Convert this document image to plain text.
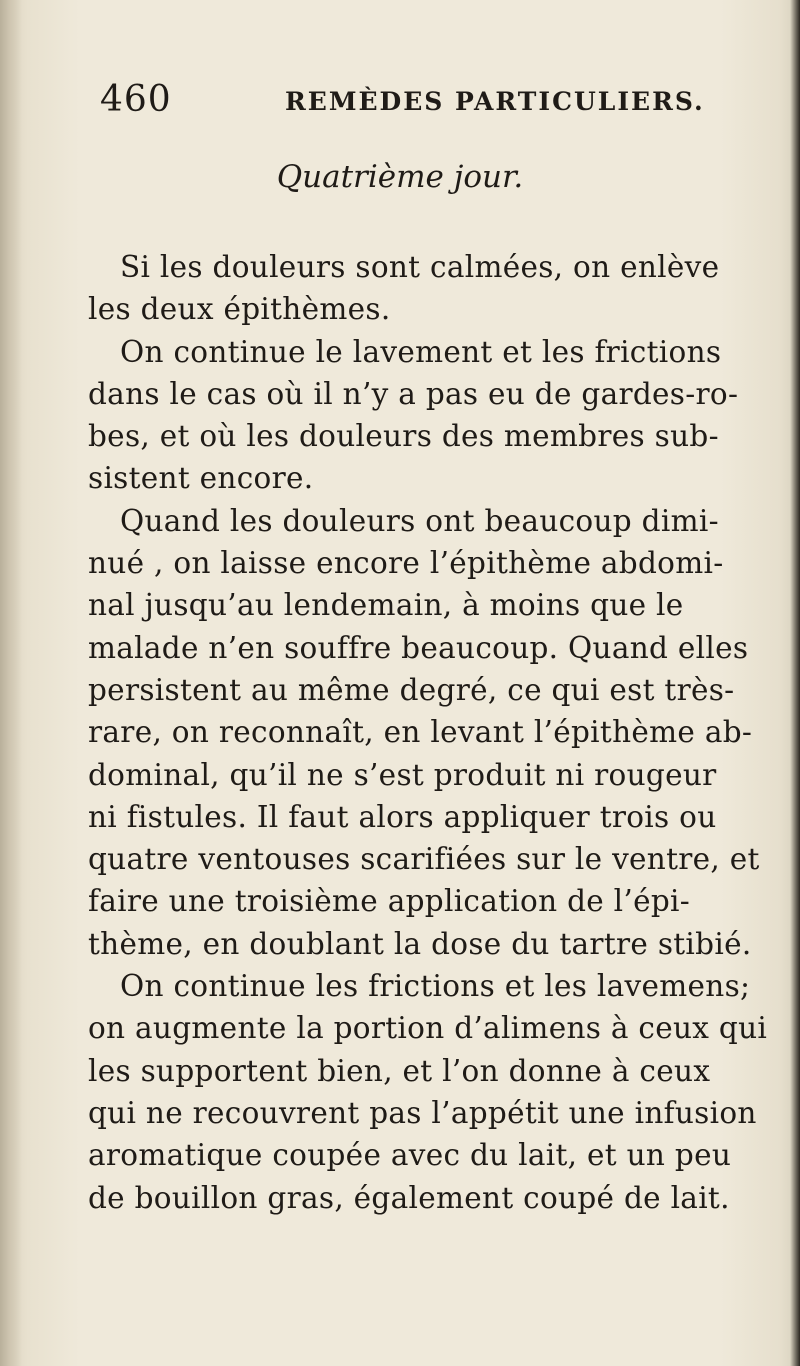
460	REMÈDES PARTICULIERS.
Quatrième jour.

Si les douleurs sont calmées, on enlève
les deux épithèmes.

On continue le lavement et les frictions
dans le cas où il n’y a pas eu de gardes-ro-
bes, et où les douleurs des membres sub-
sistent encore.

Quand les douleurs ont beaucoup dimi-
nué , on laisse encore l’épithème abdomi-
nal jusqu’au lendemain, à moins que le
malade n’en souffre beaucoup. Quand elles
persistent au même degré, ce qui est très-
rare, on reconnaît, en levant l’épithème ab-
dominal, qu’il ne s’est produit ni rougeur
ni fistules. Il faut alors appliquer trois ou
quatre ventouses scarifiées sur le ventre, et
faire une troisième application de l’épi-
thème, en doublant la dose du tartre stibié.

On continue les frictions et les lavemens;
on augmente la portion d’alimens à ceux qui
les supportent bien, et l’on donne à ceux
qui ne recouvrent pas l’appétit une infusion
aromatique coupée avec du lait, et un peu
de bouillon gras, également coupé de lait.
